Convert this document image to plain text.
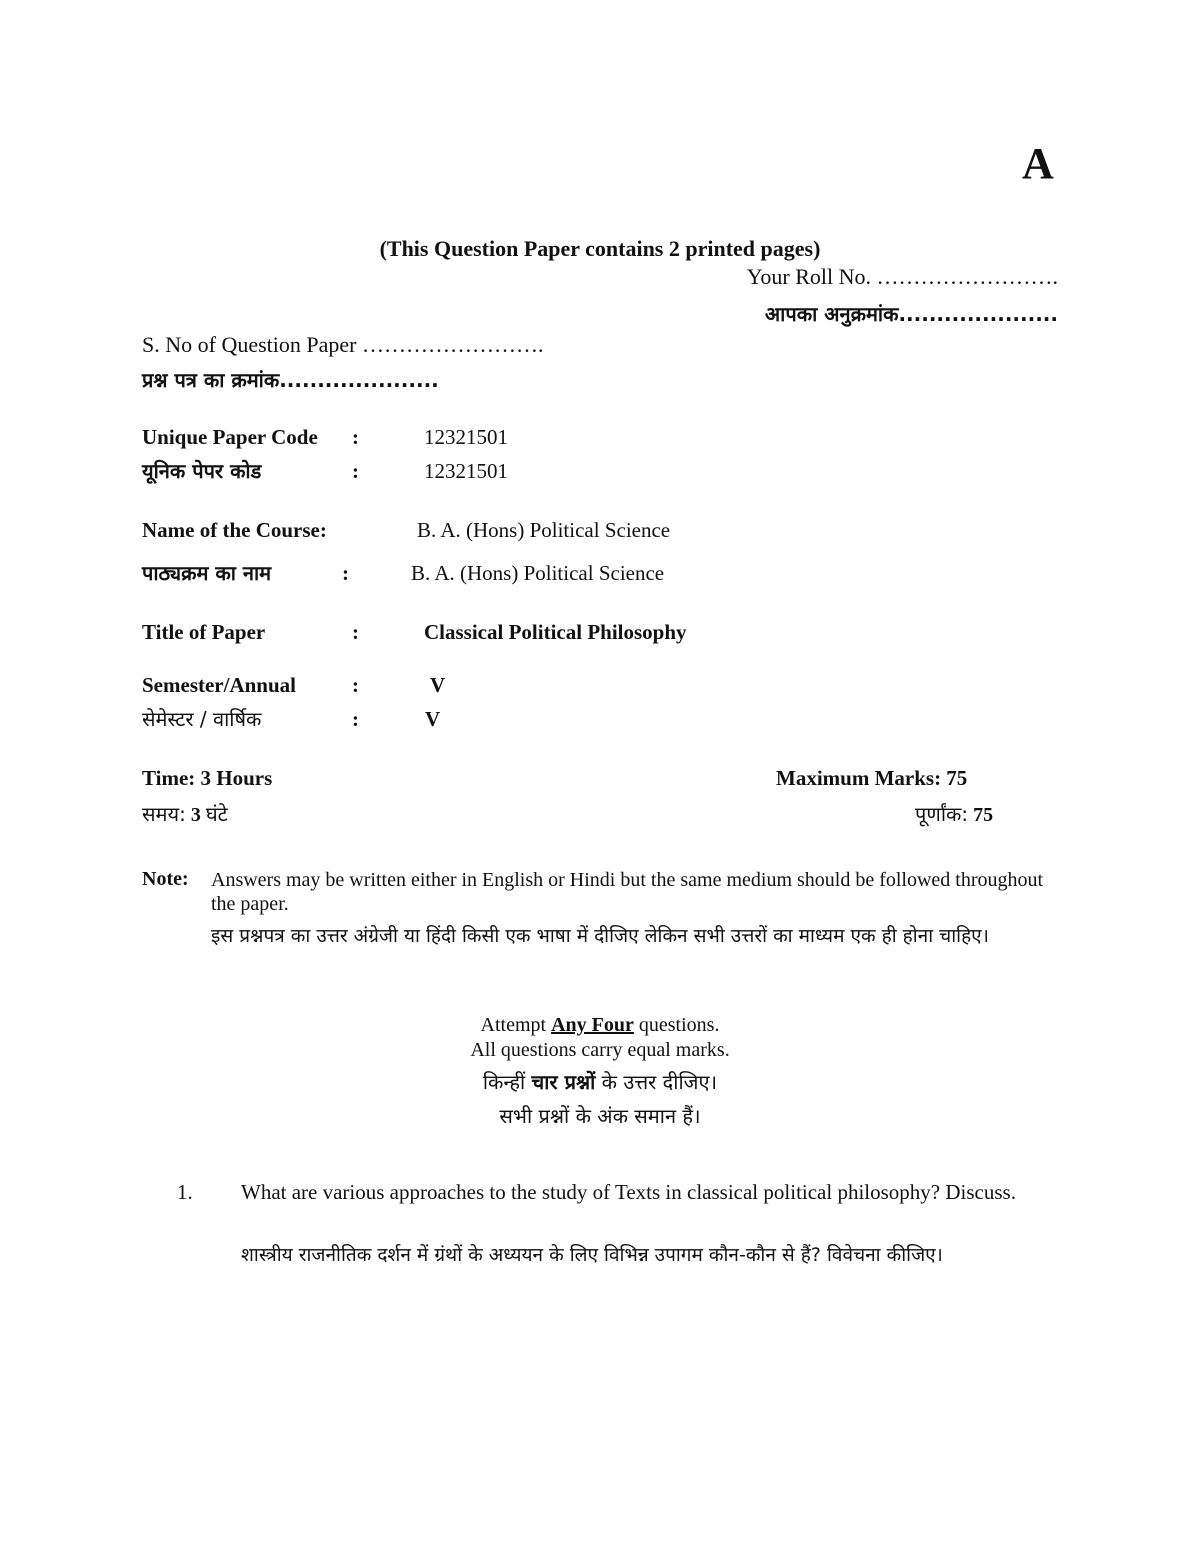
A
(This Question Paper contains 2 printed pages)
Your Roll No. …………………….
आपका अनुक्रमांक.....................
S. No of Question Paper …………………….
प्रश्न पत्र का क्रमांक.....................
Unique Paper Code :	12321501
यूनिक पेपर कोड	:	12321501
Name of the Course:	B. A. (Hons) Political Science
पाठ्यक्रम का नाम	:	B. A. (Hons) Political Science
Title of Paper	:	Classical Political Philosophy
Semester/Annual	:	V
सेमेस्टर / वार्षिक	:	V
Time: 3 Hours	Maximum Marks: 75
समय: 3 घंटे	पूर्णांक: 75
Note: Answers may be written either in English or Hindi but the same medium should be followed throughout the paper.
इस प्रश्नपत्र का उत्तर अंग्रेजी या हिंदी किसी एक भाषा में दीजिए लेकिन सभी उत्तरों का माध्यम एक ही होना चाहिए।
Attempt Any Four questions.
All questions carry equal marks.
किन्हीं चार प्रश्नों के उत्तर दीजिए।
सभी प्रश्नों के अंक समान हैं।
1. What are various approaches to the study of Texts in classical political philosophy? Discuss.
शास्त्रीय राजनीतिक दर्शन में ग्रंथों के अध्ययन के लिए विभिन्न उपागम कौन-कौन से हैं? विवेचना कीजिए।
